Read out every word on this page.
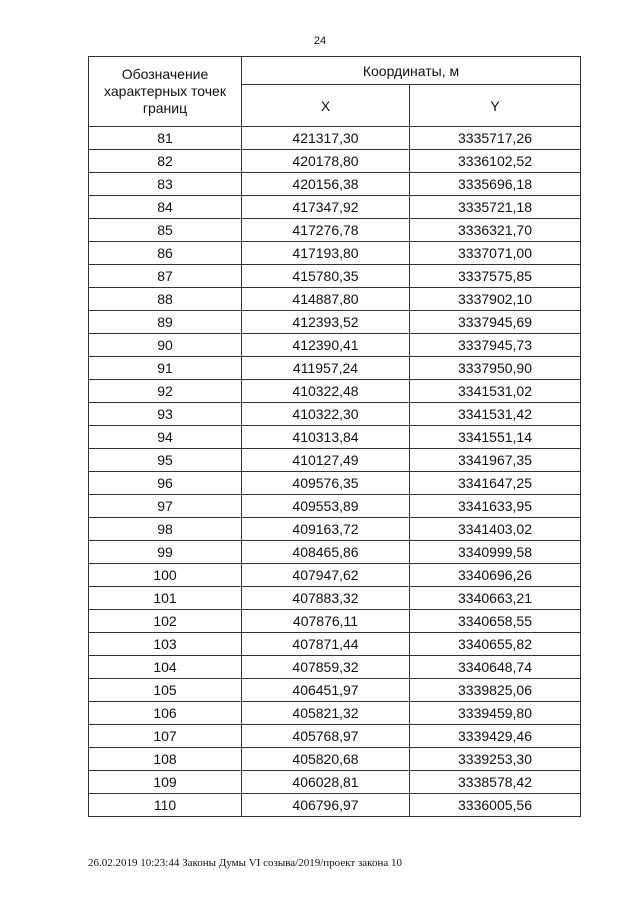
24
Обозначение характерных точек границ	Координаты, м	
	X	Y
81	421317,30	3335717,26
82	420178,80	3336102,52
83	420156,38	3335696,18
84	417347,92	3335721,18
85	417276,78	3336321,70
86	417193,80	3337071,00
87	415780,35	3337575,85
88	414887,80	3337902,10
89	412393,52	3337945,69
90	412390,41	3337945,73
91	411957,24	3337950,90
92	410322,48	3341531,02
93	410322,30	3341531,42
94	410313,84	3341551,14
95	410127,49	3341967,35
96	409576,35	3341647,25
97	409553,89	3341633,95
98	409163,72	3341403,02
99	408465,86	3340999,58
100	407947,62	3340696,26
101	407883,32	3340663,21
102	407876,11	3340658,55
103	407871,44	3340655,82
104	407859,32	3340648,74
105	406451,97	3339825,06
106	405821,32	3339459,80
107	405768,97	3339429,46
108	405820,68	3339253,30
109	406028,81	3338578,42
110	406796,97	3336005,56
26.02.2019 10:23:44 Законы Думы VI созыва/2019/проект закона 10
